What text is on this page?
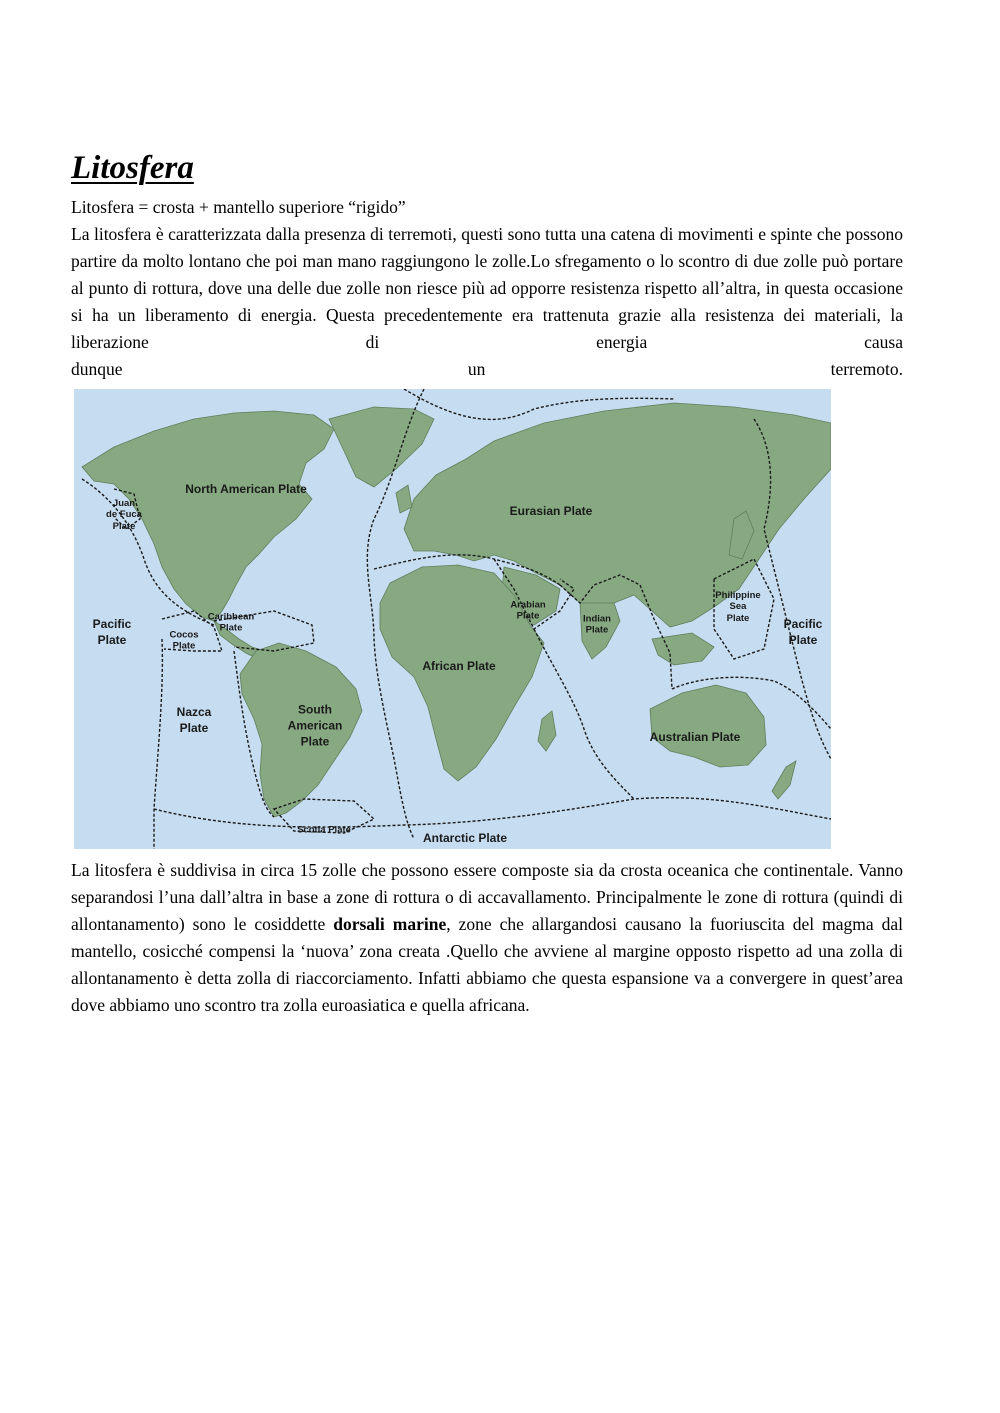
Litosfera

Litosfera = crosta + mantello superiore “rigido”

La litosfera è caratterizzata dalla presenza di terremoti, questi sono tutta una catena di movimenti e spinte che possono partire da molto lontano che poi man mano raggiungono le zolle.Lo sfregamento o lo scontro di due zolle può portare al punto di rottura, dove una delle due zolle non riesce più ad opporre resistenza rispetto all’altra, in questa occasione si ha un liberamento di energia. Questa precedentemente era trattenuta grazie alla resistenza dei materiali, la liberazione di energia causa

dunque	un	terremoto.
North American Plate
Juan
de Fuca
Plate
Eurasian Plate
Pacific
Plate
Caribbean
Plate
Cocos
Plate
Arabian
Plate	Indian
Plate
Philippine
Sea
Plate	Pacific
Plate
African Plate
Nazca
Plate
South
American
Plate	Australian Plate
Scotia Plate
Antarctic Plate

La litosfera è suddivisa in circa 15 zolle che possono essere composte sia da crosta oceanica che continentale. Vanno separandosi l’una dall’altra in base a zone di rottura o di accavallamento. Principalmente le zone di rottura (quindi di allontanamento) sono le cosiddette dorsali marine, zone che allargandosi causano la fuoriuscita del magma dal mantello, cosicché compensi la ‘nuova’ zona creata .Quello che avviene al margine opposto rispetto ad una zolla di allontanamento è detta zolla di riaccorciamento. Infatti abbiamo che questa espansione va a convergere in quest’area dove abbiamo uno scontro tra zolla euroasiatica e quella africana.
